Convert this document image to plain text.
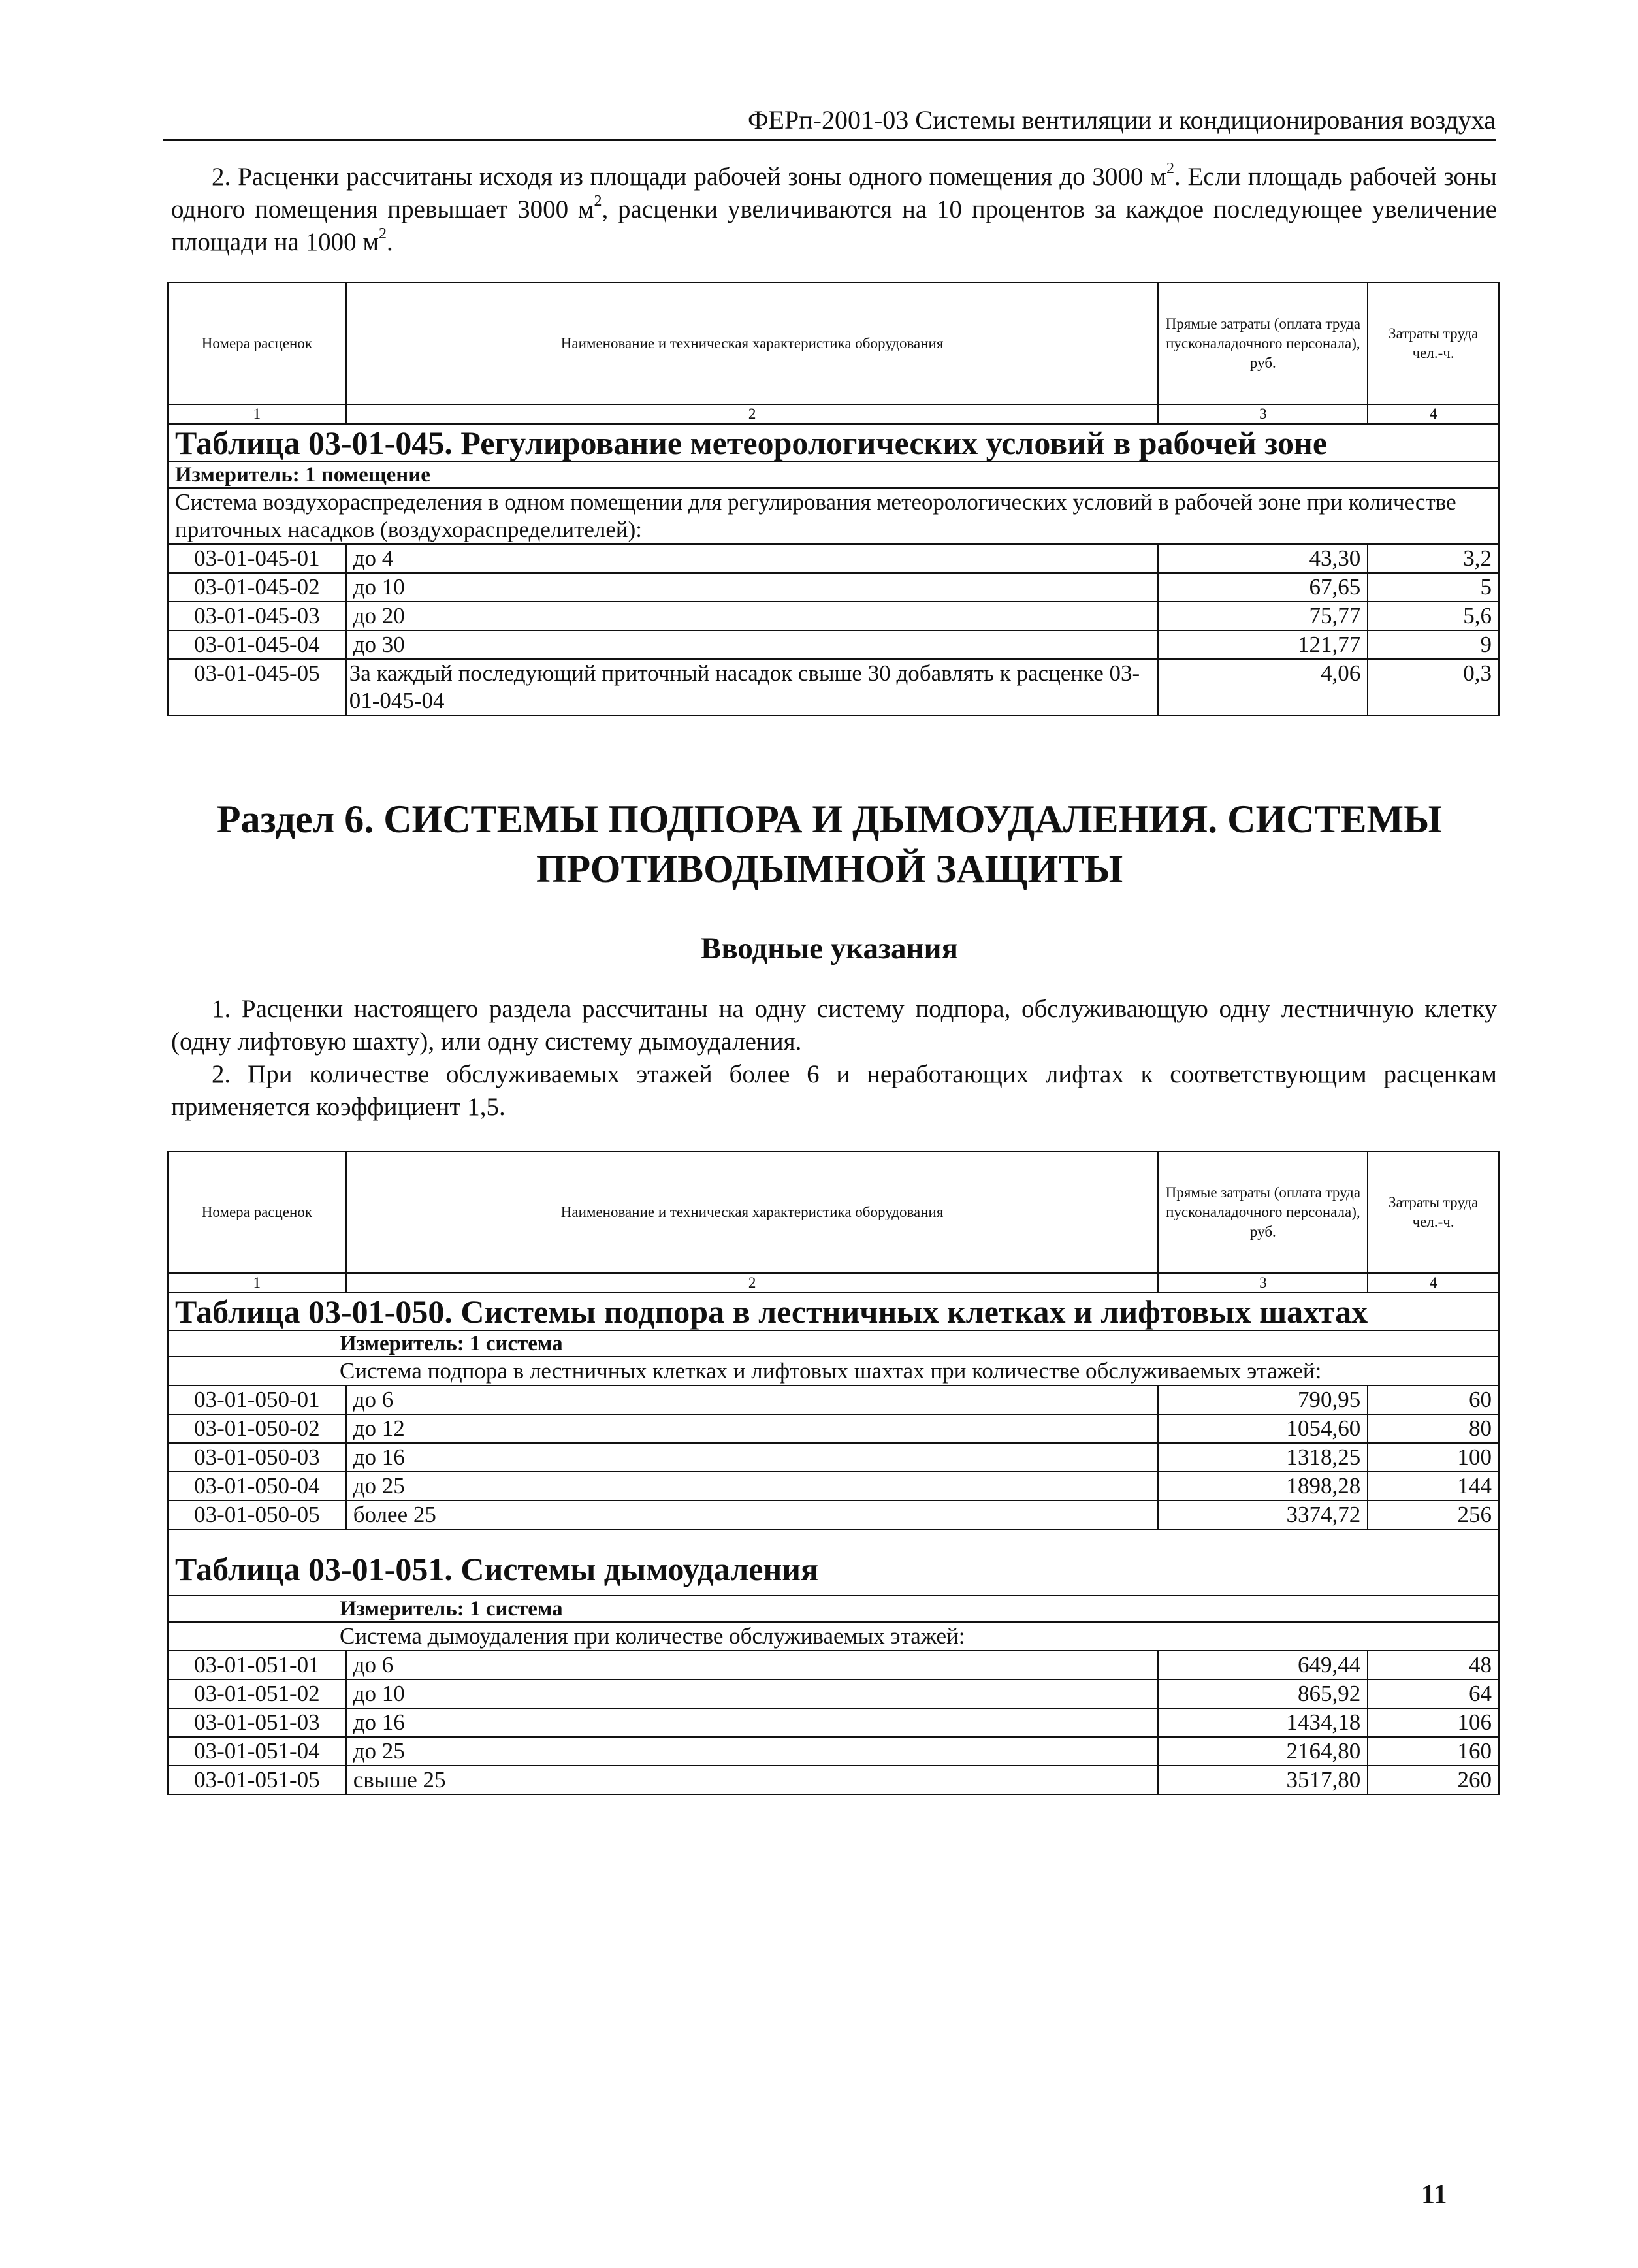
ФЕРп-2001-03 Системы вентиляции и кондиционирования воздуха

2. Расценки рассчитаны исходя из площади рабочей зоны одного помещения до 3000 $м^2$. Если площадь рабочей зоны одного помещения превышает 3000 $м^2$, расценки увеличиваются на 10 процентов за каждое последующее увеличение площади на 1000 $м^2$.

Номера расценок	Наименование и техническая характеристика оборудования	Прямые затраты (оплата труда пусконаладочного персонала), руб.	Затраты труда чел.-ч.
1	2	3	4
Таблица 03-01-045. Регулирование метеорологических условий в рабочей зоне			
Измеритель: 1 помещение			
Система воздухораспределения в одном помещении для регулирования метеорологических условий в рабочей зоне при количестве приточных насадков (воздухораспределителей):			
03-01-045-01	до 4	43,30	3,2
03-01-045-02	до 10	67,65	5
03-01-045-03	до 20	75,77	5,6
03-01-045-04	до 30	121,77	9
03-01-045-05	За каждый последующий приточный насадок свыше 30 добавлять к расценке 03-01-045-04	4,06	0,3
Раздел 6. СИСТЕМЫ ПОДПОРА И ДЫМОУДАЛЕНИЯ. СИСТЕМЫ ПРОТИВОДЫМНОЙ ЗАЩИТЫ
Вводные указания

1. Расценки настоящего раздела рассчитаны на одну систему подпора, обслуживающую одну лестничную клетку (одну лифтовую шахту), или одну систему дымоудаления.

2. При количестве обслуживаемых этажей более 6 и неработающих лифтах к соответствующим расценкам применяется коэффициент 1,5.

Номера расценок	Наименование и техническая характеристика оборудования	Прямые затраты (оплата труда пусконаладочного персонала), руб.	Затраты труда чел.-ч.
1	2	3	4
Таблица 03-01-050. Системы подпора в лестничных клетках и лифтовых шахтах			
Измеритель: 1 система			
Система подпора в лестничных клетках и лифтовых шахтах при количестве обслуживаемых этажей:			
03-01-050-01	до 6	790,95	60
03-01-050-02	до 12	1054,60	80
03-01-050-03	до 16	1318,25	100
03-01-050-04	до 25	1898,28	144
03-01-050-05	более 25	3374,72	256
Таблица 03-01-051. Системы дымоудаления			
Измеритель: 1 система			
Система дымоудаления при количестве обслуживаемых этажей:			
03-01-051-01	до 6	649,44	48
03-01-051-02	до 10	865,92	64
03-01-051-03	до 16	1434,18	106
03-01-051-04	до 25	2164,80	160
03-01-051-05	свыше 25	3517,80	260
11
